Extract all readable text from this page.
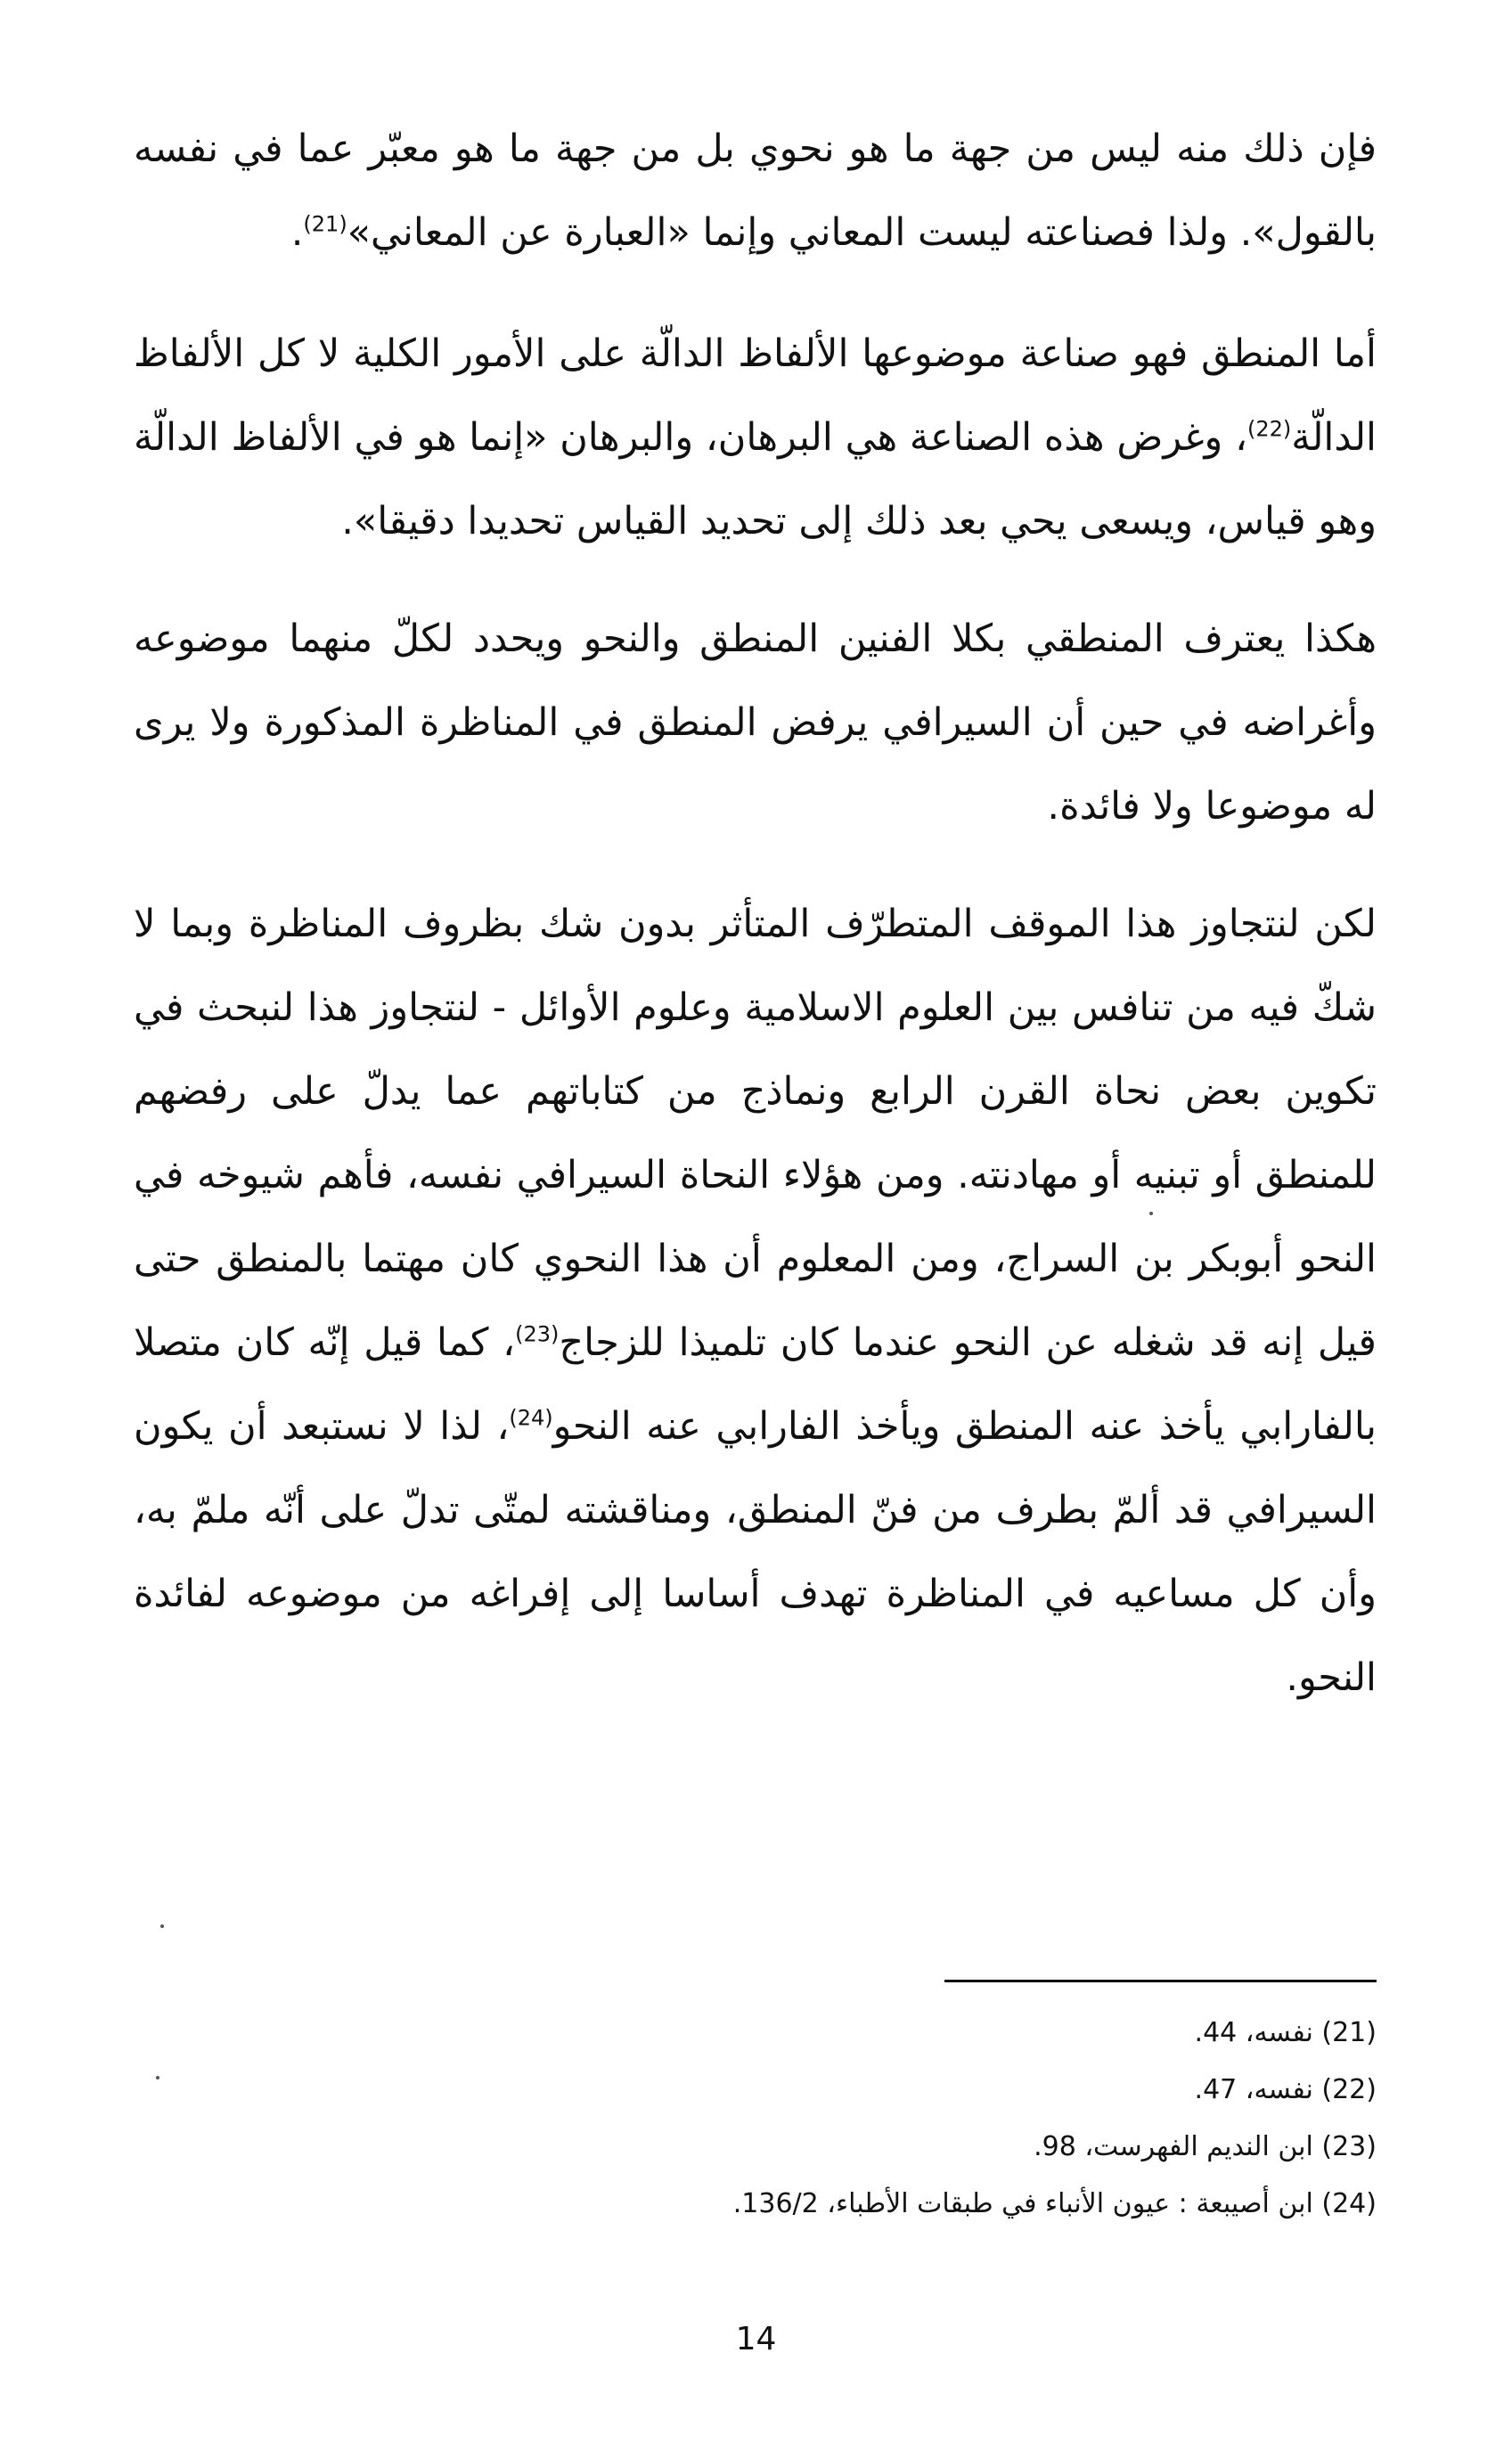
فإن ذلك منه ليس من جهة ما هو نحوي بل من جهة ما هو معبّر عما في نفسه بالقول». ولذا فصناعته ليست المعاني وإنما «العبارة عن المعاني»$^{(21)}$.

أما المنطق فهو صناعة موضوعها الألفاظ الدالّة على الأمور الكلية لا كل الألفاظ الدالّة$^{(22)}$، وغرض هذه الصناعة هي البرهان، والبرهان «إنما هو في الألفاظ الدالّة وهو قياس، ويسعى يحي بعد ذلك إلى تحديد القياس تحديدا دقيقا».

هكذا يعترف المنطقي بكلا الفنين المنطق والنحو ويحدد لكلّ منهما موضوعه وأغراضه في حين أن السيرافي يرفض المنطق في المناظرة المذكورة ولا يرى له موضوعا ولا فائدة.

لكن لنتجاوز هذا الموقف المتطرّف المتأثر بدون شك بظروف المناظرة وبما لا شكّ فيه من تنافس بين العلوم الاسلامية وعلوم الأوائل - لنتجاوز هذا لنبحث في تكوين بعض نحاة القرن الرابع ونماذج من كتاباتهم عما يدلّ على رفضهم للمنطق أو تبنيه أو مهادنته. ومن هؤلاء النحاة السيرافي نفسه، فأهم شيوخه في النحو أبوبكر بن السراج، ومن المعلوم أن هذا النحوي كان مهتما بالمنطق حتى قيل إنه قد شغله عن النحو عندما كان تلميذا للزجاج$^{(23)}$، كما قيل إنّه كان متصلا بالفارابي يأخذ عنه المنطق ويأخذ الفارابي عنه النحو$^{(24)}$، لذا لا نستبعد أن يكون السيرافي قد ألمّ بطرف من فنّ المنطق، ومناقشته لمتّى تدلّ على أنّه ملمّ به، وأن كل مساعيه في المناظرة تهدف أساسا إلى إفراغه من موضوعه لفائدة النحو.

(21) نفسه، 44.

(22) نفسه، 47.

(23) ابن النديم الفهرست، 98.

(24) ابن أصيبعة : عيون الأنباء في طبقات الأطباء، 136/2.

14
